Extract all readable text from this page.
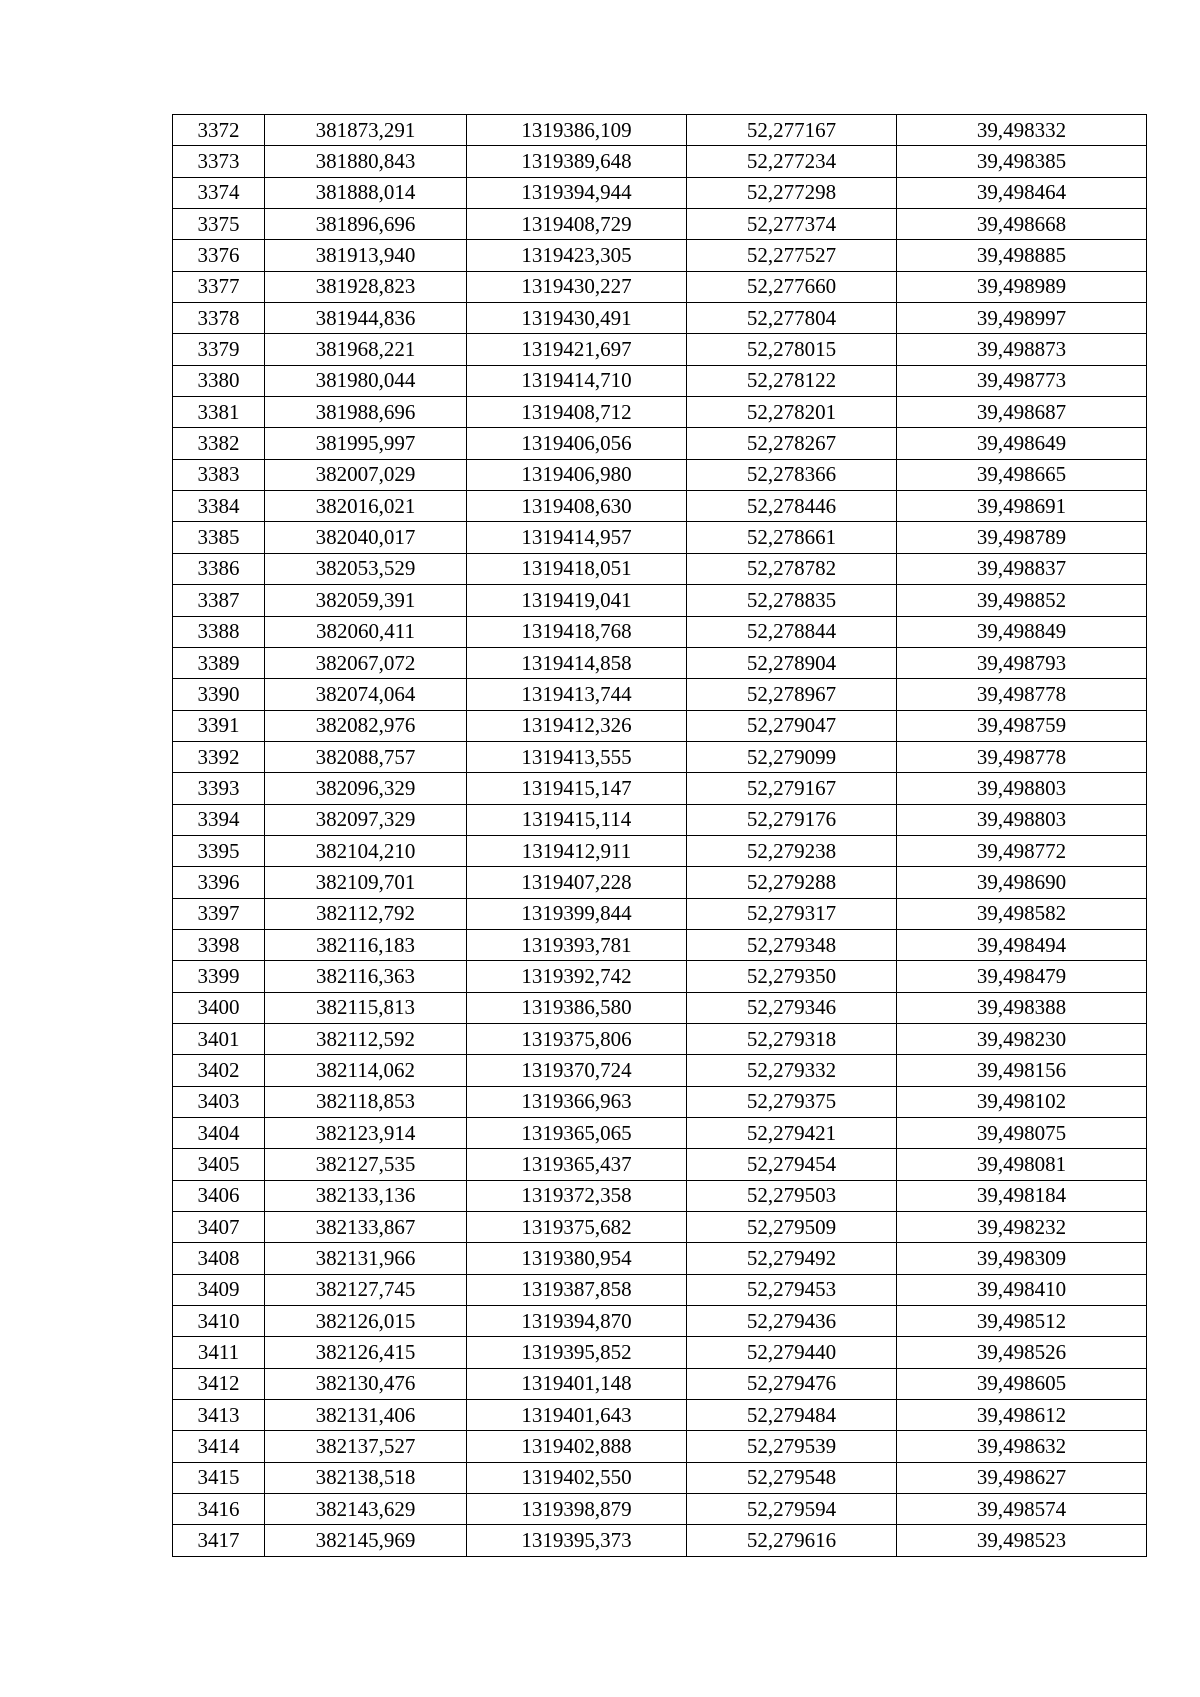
3372	381873,291	1319386,109	52,277167	39,498332
3373	381880,843	1319389,648	52,277234	39,498385
3374	381888,014	1319394,944	52,277298	39,498464
3375	381896,696	1319408,729	52,277374	39,498668
3376	381913,940	1319423,305	52,277527	39,498885
3377	381928,823	1319430,227	52,277660	39,498989
3378	381944,836	1319430,491	52,277804	39,498997
3379	381968,221	1319421,697	52,278015	39,498873
3380	381980,044	1319414,710	52,278122	39,498773
3381	381988,696	1319408,712	52,278201	39,498687
3382	381995,997	1319406,056	52,278267	39,498649
3383	382007,029	1319406,980	52,278366	39,498665
3384	382016,021	1319408,630	52,278446	39,498691
3385	382040,017	1319414,957	52,278661	39,498789
3386	382053,529	1319418,051	52,278782	39,498837
3387	382059,391	1319419,041	52,278835	39,498852
3388	382060,411	1319418,768	52,278844	39,498849
3389	382067,072	1319414,858	52,278904	39,498793
3390	382074,064	1319413,744	52,278967	39,498778
3391	382082,976	1319412,326	52,279047	39,498759
3392	382088,757	1319413,555	52,279099	39,498778
3393	382096,329	1319415,147	52,279167	39,498803
3394	382097,329	1319415,114	52,279176	39,498803
3395	382104,210	1319412,911	52,279238	39,498772
3396	382109,701	1319407,228	52,279288	39,498690
3397	382112,792	1319399,844	52,279317	39,498582
3398	382116,183	1319393,781	52,279348	39,498494
3399	382116,363	1319392,742	52,279350	39,498479
3400	382115,813	1319386,580	52,279346	39,498388
3401	382112,592	1319375,806	52,279318	39,498230
3402	382114,062	1319370,724	52,279332	39,498156
3403	382118,853	1319366,963	52,279375	39,498102
3404	382123,914	1319365,065	52,279421	39,498075
3405	382127,535	1319365,437	52,279454	39,498081
3406	382133,136	1319372,358	52,279503	39,498184
3407	382133,867	1319375,682	52,279509	39,498232
3408	382131,966	1319380,954	52,279492	39,498309
3409	382127,745	1319387,858	52,279453	39,498410
3410	382126,015	1319394,870	52,279436	39,498512
3411	382126,415	1319395,852	52,279440	39,498526
3412	382130,476	1319401,148	52,279476	39,498605
3413	382131,406	1319401,643	52,279484	39,498612
3414	382137,527	1319402,888	52,279539	39,498632
3415	382138,518	1319402,550	52,279548	39,498627
3416	382143,629	1319398,879	52,279594	39,498574
3417	382145,969	1319395,373	52,279616	39,498523
